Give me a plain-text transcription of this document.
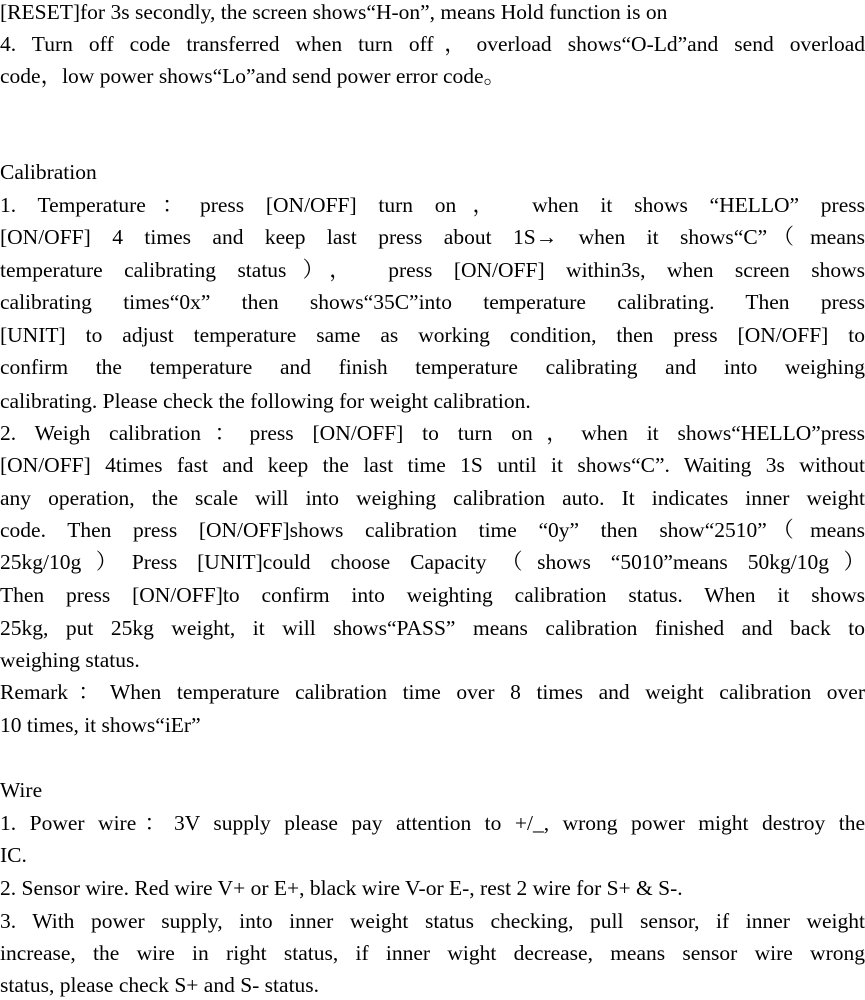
[RESET]for 3s secondly, the screen shows“H-on”, means Hold function is on
4. Turn off code transferred when turn off，overload shows“O-Ld”and send overload
code，low power shows“Lo”and send power error code。
Calibration
1. Temperature：press [ON/OFF] turn on， when it shows “HELLO” press
[ON/OFF] 4 times and keep last press about 1S→ when it shows“C”（means
temperature calibrating status）， press [ON/OFF] within3s, when screen shows
calibrating times“0x” then shows“35C”into temperature calibrating. Then press
[UNIT] to adjust temperature same as working condition, then press [ON/OFF] to
confirm the temperature and finish temperature calibrating and into weighing
calibrating. Please check the following for weight calibration.
2. Weigh calibration：press [ON/OFF] to turn on，when it shows“HELLO”press
[ON/OFF] 4times fast and keep the last time 1S until it shows“C”. Waiting 3s without
any operation, the scale will into weighing calibration auto. It indicates inner weight
code. Then press [ON/OFF]shows calibration time “0y” then show“2510”（means
25kg/10g）Press [UNIT]could choose Capacity（shows “5010”means 50kg/10g）
Then press [ON/OFF]to confirm into weighting calibration status. When it shows
25kg, put 25kg weight, it will shows“PASS” means calibration finished and back to
weighing status.
Remark：When temperature calibration time over 8 times and weight calibration over
10 times, it shows“iEr”
Wire
1. Power wire：3V supply please pay attention to +/_, wrong power might destroy the
IC.
2. Sensor wire. Red wire V+ or E+, black wire V-or E-, rest 2 wire for S+ & S-.
3. With power supply, into inner weight status checking, pull sensor, if inner weight
increase, the wire in right status, if inner wight decrease, means sensor wire wrong
status, please check S+ and S- status.
